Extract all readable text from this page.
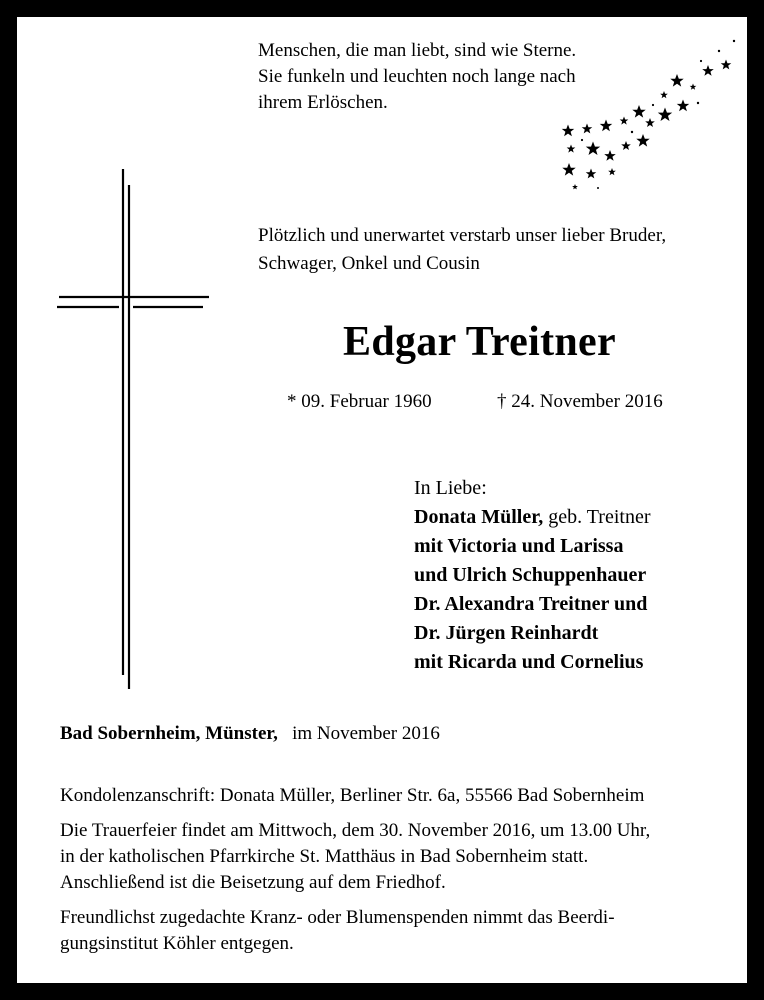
Menschen, die man liebt, sind wie Sterne.
Sie funkeln und leuchten noch lange nach
ihrem Erlöschen.
Plötzlich und unerwartet verstarb unser lieber Bruder,
Schwager, Onkel und Cousin
Edgar Treitner
* 09. Februar 1960	† 24. November 2016
In Liebe:
Donata Müller, geb. Treitner
mit Victoria und Larissa
und Ulrich Schuppenhauer
Dr. Alexandra Treitner und
Dr. Jürgen Reinhardt
mit Ricarda und Cornelius
Bad Sobernheim, Münster, im November 2016

Kondolenzanschrift: Donata Müller, Berliner Str. 6a, 55566 Bad Sobernheim

Die Trauerfeier findet am Mittwoch, dem 30. November 2016, um 13.00 Uhr,
in der katholischen Pfarrkirche St. Matthäus in Bad Sobernheim statt.
Anschließend ist die Beisetzung auf dem Friedhof.

Freundlichst zugedachte Kranz- oder Blumenspenden nimmt das Beerdi-
gungsinstitut Köhler entgegen.
